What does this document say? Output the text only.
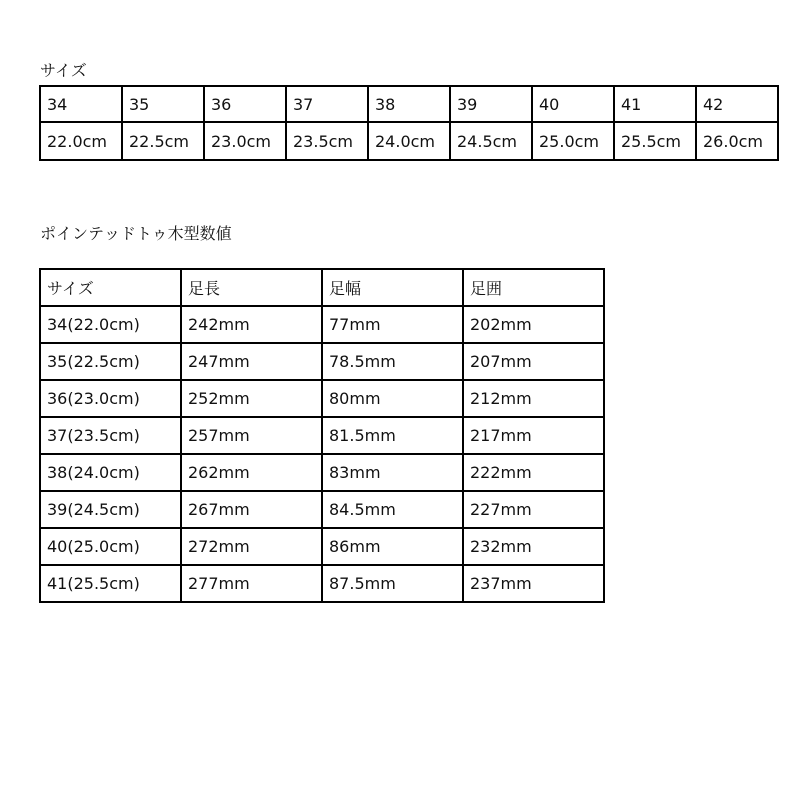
サイズ
34	35	36	37	38	39	40	41	42
22.0cm	22.5cm	23.0cm	23.5cm	24.0cm	24.5cm	25.0cm	25.5cm	26.0cm
ポインテッドトゥ木型数値
サイズ	足長	足幅	足囲
34(22.0cm)	242mm	77mm	202mm
35(22.5cm)	247mm	78.5mm	207mm
36(23.0cm)	252mm	80mm	212mm
37(23.5cm)	257mm	81.5mm	217mm
38(24.0cm)	262mm	83mm	222mm
39(24.5cm)	267mm	84.5mm	227mm
40(25.0cm)	272mm	86mm	232mm
41(25.5cm)	277mm	87.5mm	237mm
